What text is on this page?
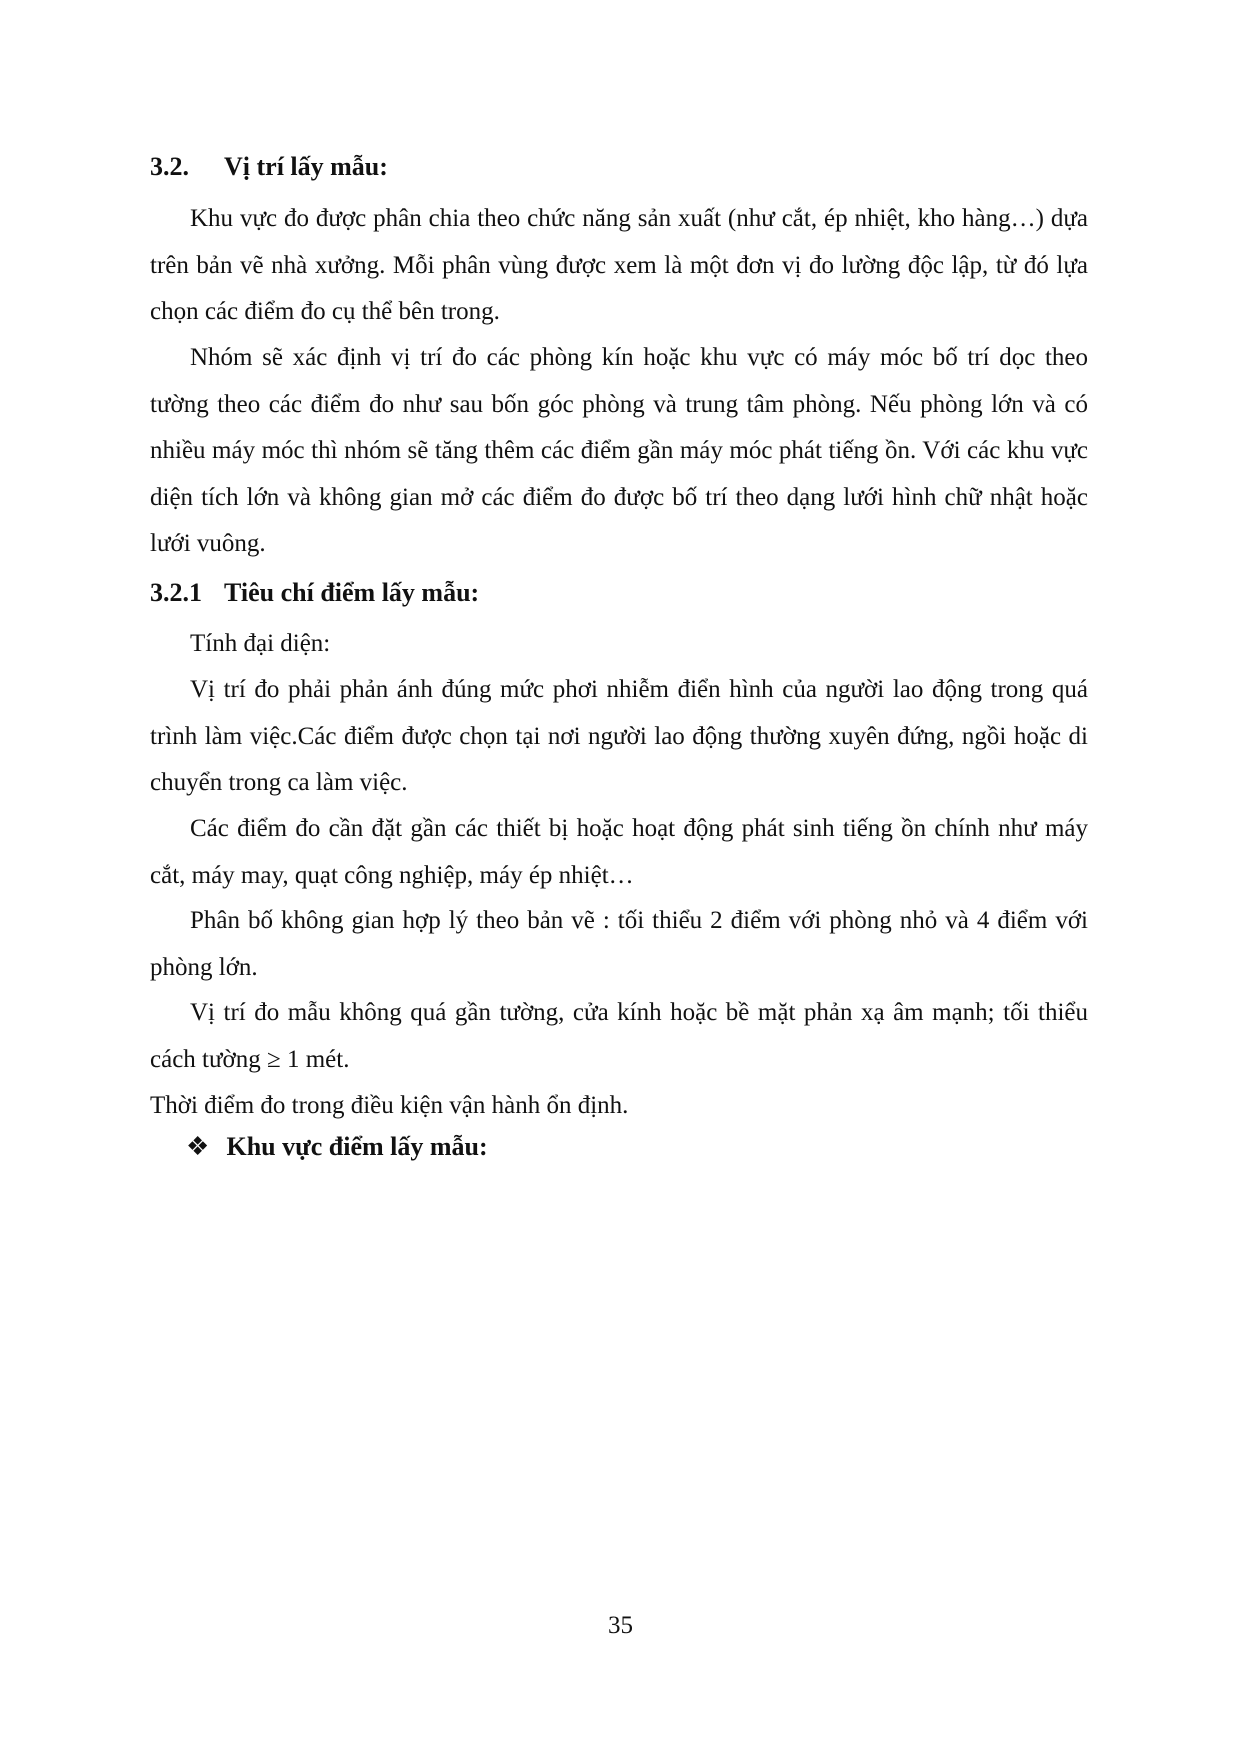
3.2. Vị trí lấy mẫu:

Khu vực đo được phân chia theo chức năng sản xuất (như cắt, ép nhiệt, kho hàng…) dựa trên bản vẽ nhà xưởng. Mỗi phân vùng được xem là một đơn vị đo lường độc lập, từ đó lựa chọn các điểm đo cụ thể bên trong.

Nhóm sẽ xác định vị trí đo các phòng kín hoặc khu vực có máy móc bố trí dọc theo tường theo các điểm đo như sau bốn góc phòng và trung tâm phòng. Nếu phòng lớn và có nhiều máy móc thì nhóm sẽ tăng thêm các điểm gần máy móc phát tiếng ồn. Với các khu vực diện tích lớn và không gian mở các điểm đo được bố trí theo dạng lưới hình chữ nhật hoặc lưới vuông.

3.2.1 Tiêu chí điểm lấy mẫu:

Tính đại diện:

Vị trí đo phải phản ánh đúng mức phơi nhiễm điển hình của người lao động trong quá trình làm việc.Các điểm được chọn tại nơi người lao động thường xuyên đứng, ngồi hoặc di chuyển trong ca làm việc.

Các điểm đo cần đặt gần các thiết bị hoặc hoạt động phát sinh tiếng ồn chính như máy cắt, máy may, quạt công nghiệp, máy ép nhiệt…

Phân bố không gian hợp lý theo bản vẽ : tối thiểu 2 điểm với phòng nhỏ và 4 điểm với phòng lớn.

Vị trí đo mẫu không quá gần tường, cửa kính hoặc bề mặt phản xạ âm mạnh; tối thiểu cách tường ≥ 1 mét.

Thời điểm đo trong điều kiện vận hành ổn định.

❖ Khu vực điểm lấy mẫu:
35
